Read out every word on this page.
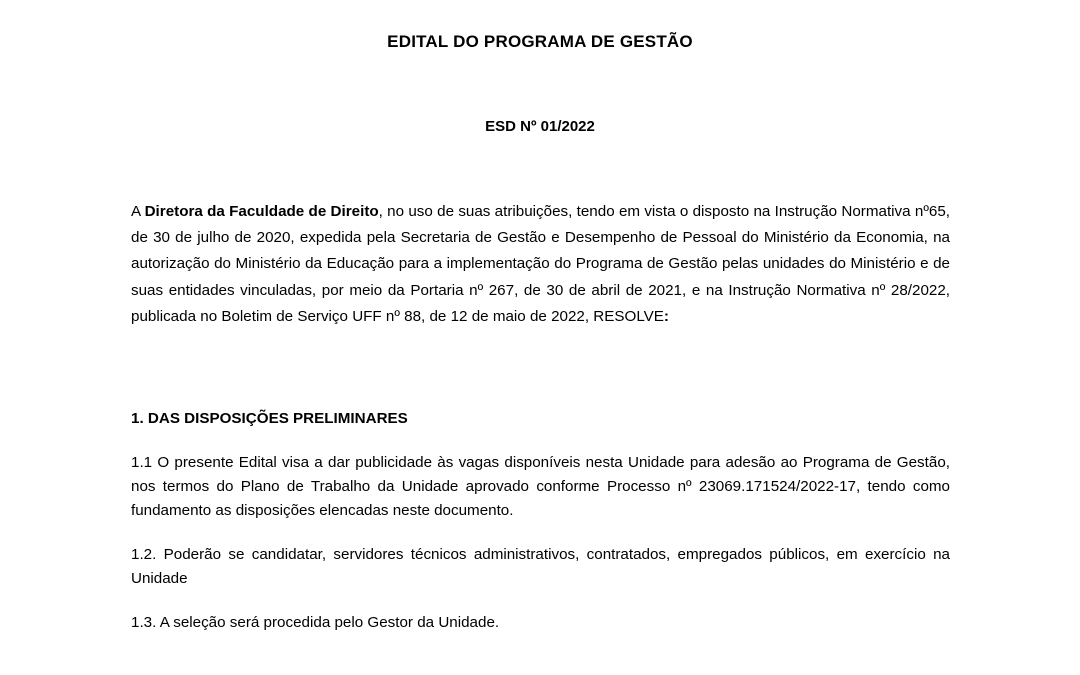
EDITAL DO PROGRAMA DE GESTÃO
ESD Nº 01/2022
A Diretora da Faculdade de Direito, no uso de suas atribuições, tendo em vista o disposto na Instrução Normativa nº65, de 30 de julho de 2020, expedida pela Secretaria de Gestão e Desempenho de Pessoal do Ministério da Economia, na autorização do Ministério da Educação para a implementação do Programa de Gestão pelas unidades do Ministério e de suas entidades vinculadas, por meio da Portaria nº 267, de 30 de abril de 2021, e na Instrução Normativa nº 28/2022, publicada no Boletim de Serviço UFF nº 88, de 12 de maio de 2022, RESOLVE:
1. DAS DISPOSIÇÕES PRELIMINARES
1.1 O presente Edital visa a dar publicidade às vagas disponíveis nesta Unidade para adesão ao Programa de Gestão, nos termos do Plano de Trabalho da Unidade aprovado conforme Processo nº 23069.171524/2022-17, tendo como fundamento as disposições elencadas neste documento.
1.2. Poderão se candidatar, servidores técnicos administrativos, contratados, empregados públicos, em exercício na Unidade
1.3. A seleção será procedida pelo Gestor da Unidade.
